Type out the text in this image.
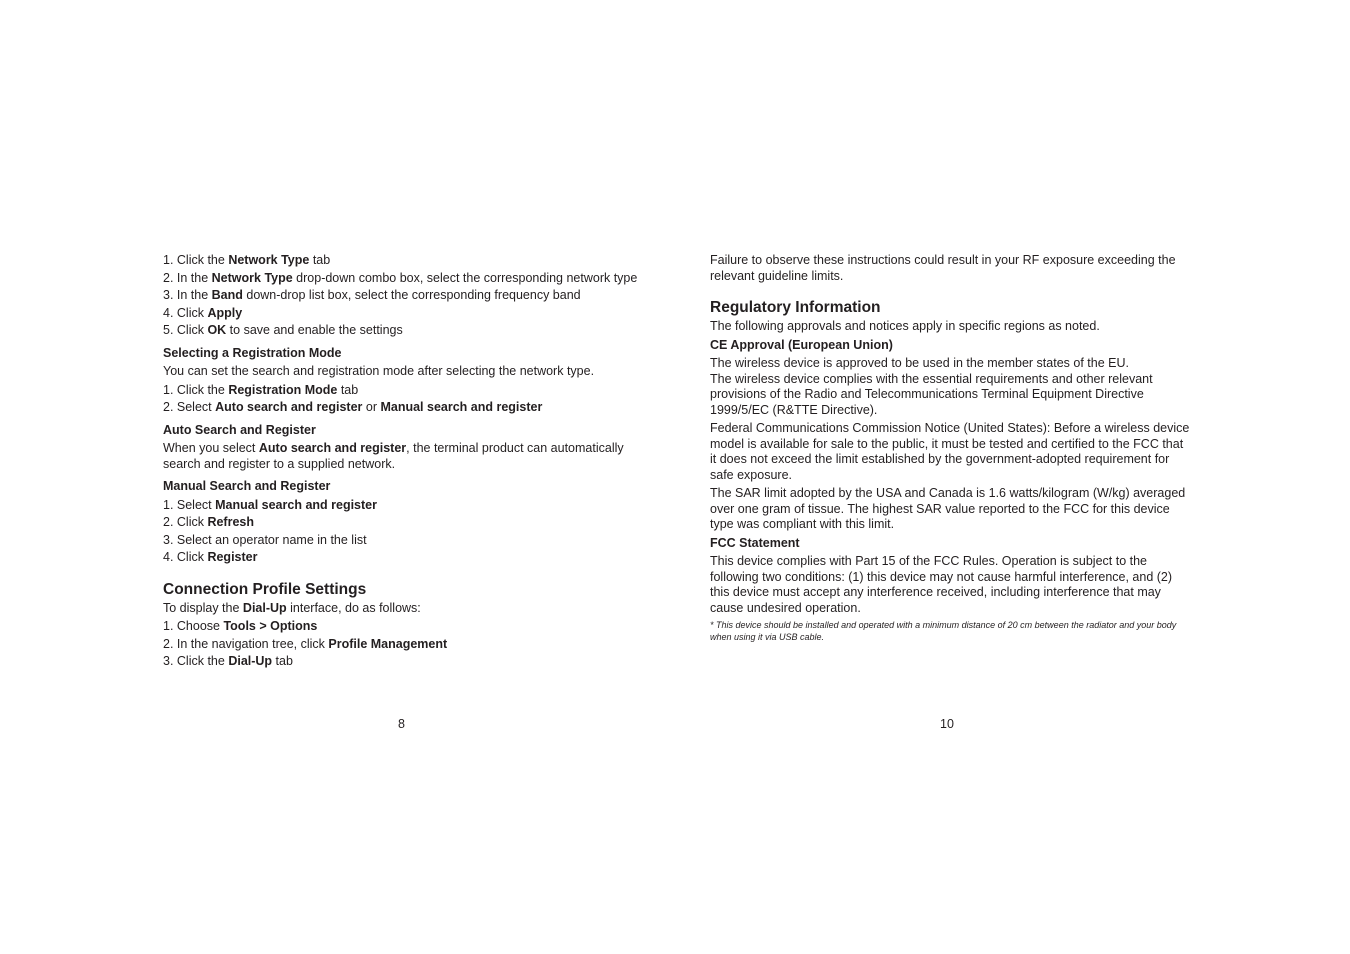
1. Click the Network Type tab

2. In the Network Type drop-down combo box, select the corresponding network type

3. In the Band down-drop list box, select the corresponding frequency band

4. Click Apply

5. Click OK to save and enable the settings

Selecting a Registration Mode

You can set the search and registration mode after selecting the network type.

1. Click the Registration Mode tab

2. Select Auto search and register or Manual search and register

Auto Search and Register

When you select Auto search and register, the terminal product can automatically search and register to a supplied network.

Manual Search and Register

1. Select Manual search and register

2. Click Refresh

3. Select an operator name in the list

4. Click Register

Connection Profile Settings

To display the Dial-Up interface, do as follows:

1. Choose Tools > Options

2. In the navigation tree, click Profile Management

3. Click the Dial-Up tab

Failure to observe these instructions could result in your RF exposure exceeding the relevant guideline limits.

Regulatory Information

The following approvals and notices apply in specific regions as noted.

CE Approval (European Union)

The wireless device is approved to be used in the member states of the EU.

The wireless device complies with the essential requirements and other relevant provisions of the Radio and Telecommunications Terminal Equipment Directive 1999/5/EC (R&TTE Directive).

Federal Communications Commission Notice (United States): Before a wireless device model is available for sale to the public, it must be tested and certified to the FCC that it does not exceed the limit established by the government-adopted requirement for safe exposure.

The SAR limit adopted by the USA and Canada is 1.6 watts/kilogram (W/kg) averaged over one gram of tissue. The highest SAR value reported to the FCC for this device type was compliant with this limit.

FCC Statement

This device complies with Part 15 of the FCC Rules. Operation is subject to the following two conditions: (1) this device may not cause harmful interference, and (2) this device must accept any interference received, including interference that may cause undesired operation.

* This device should be installed and operated with a minimum distance of 20 cm between the radiator and your body when using it via USB cable.

8	10
